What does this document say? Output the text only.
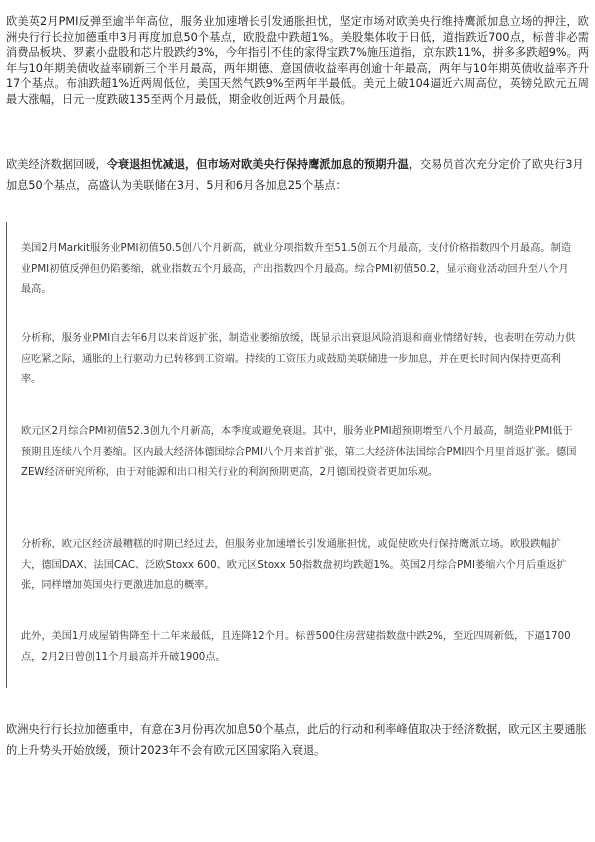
欧美英2月PMI反弹至逾半年高位，服务业加速增长引发通胀担忧，坚定市场对欧美央行维持鹰派加息立场的押注，欧洲央行行长拉加德重申3月再度加息50个基点，欧股盘中跌超1%。美股集体收于日低，道指跌近700点，标普非必需消费品板块、罗素小盘股和芯片股跌约3%，今年指引不佳的家得宝跌7%施压道指，京东跌11%，拼多多跌超9%。两年与10年期美债收益率刷新三个半月最高，两年期德、意国债收益率再创逾十年最高，两年与10年期英债收益率齐升17个基点。布油跌超1%近两周低位，美国天然气跌9%至两年半最低。美元上破104逼近六周高位，英镑兑欧元五周最大涨幅，日元一度跌破135至两个月最低，期金收创近两个月最低。

欧美经济数据回暖，令衰退担忧减退，但市场对欧美央行保持鹰派加息的预期升温，交易员首次充分定价了欧央行3月加息50个基点，高盛认为美联储在3月、5月和6月各加息25个基点：

美国2月Markit服务业PMI初值50.5创八个月新高，就业分项指数升至51.5创五个月最高，支付价格指数四个月最高。制造业PMI初值反弹但仍陷萎缩，就业指数五个月最高，产出指数四个月最高。综合PMI初值50.2，显示商业活动回升至八个月最高。

分析称，服务业PMI自去年6月以来首返扩张，制造业萎缩放缓，既显示出衰退风险消退和商业情绪好转，也表明在劳动力供应吃紧之际，通胀的上行驱动力已转移到工资端。持续的工资压力或鼓励美联储进一步加息，并在更长时间内保持更高利率。

欧元区2月综合PMI初值52.3创九个月新高，本季度或避免衰退。其中，服务业PMI超预期增至八个月最高，制造业PMI低于预期且连续八个月萎缩。区内最大经济体德国综合PMI八个月来首扩张，第二大经济体法国综合PMI四个月里首返扩张。德国ZEW经济研究所称，由于对能源和出口相关行业的利润预期更高，2月德国投资者更加乐观。

分析称，欧元区经济最糟糕的时期已经过去，但服务业加速增长引发通胀担忧，或促使欧央行保持鹰派立场。欧股跌幅扩大，德国DAX、法国CAC、泛欧Stoxx 600、欧元区Stoxx 50指数盘初均跌超1%。英国2月综合PMI萎缩六个月后重返扩张，同样增加英国央行更激进加息的概率。

此外，美国1月成屋销售降至十二年来最低，且连降12个月。标普500住房营建指数盘中跌2%，至近四周新低，下逼1700点，2月2日曾创11个月最高并升破1900点。

欧洲央行行长拉加德重申，有意在3月份再次加息50个基点，此后的行动和利率峰值取决于经济数据，欧元区主要通胀的上升势头开始放缓，预计2023年不会有欧元区国家陷入衰退。
